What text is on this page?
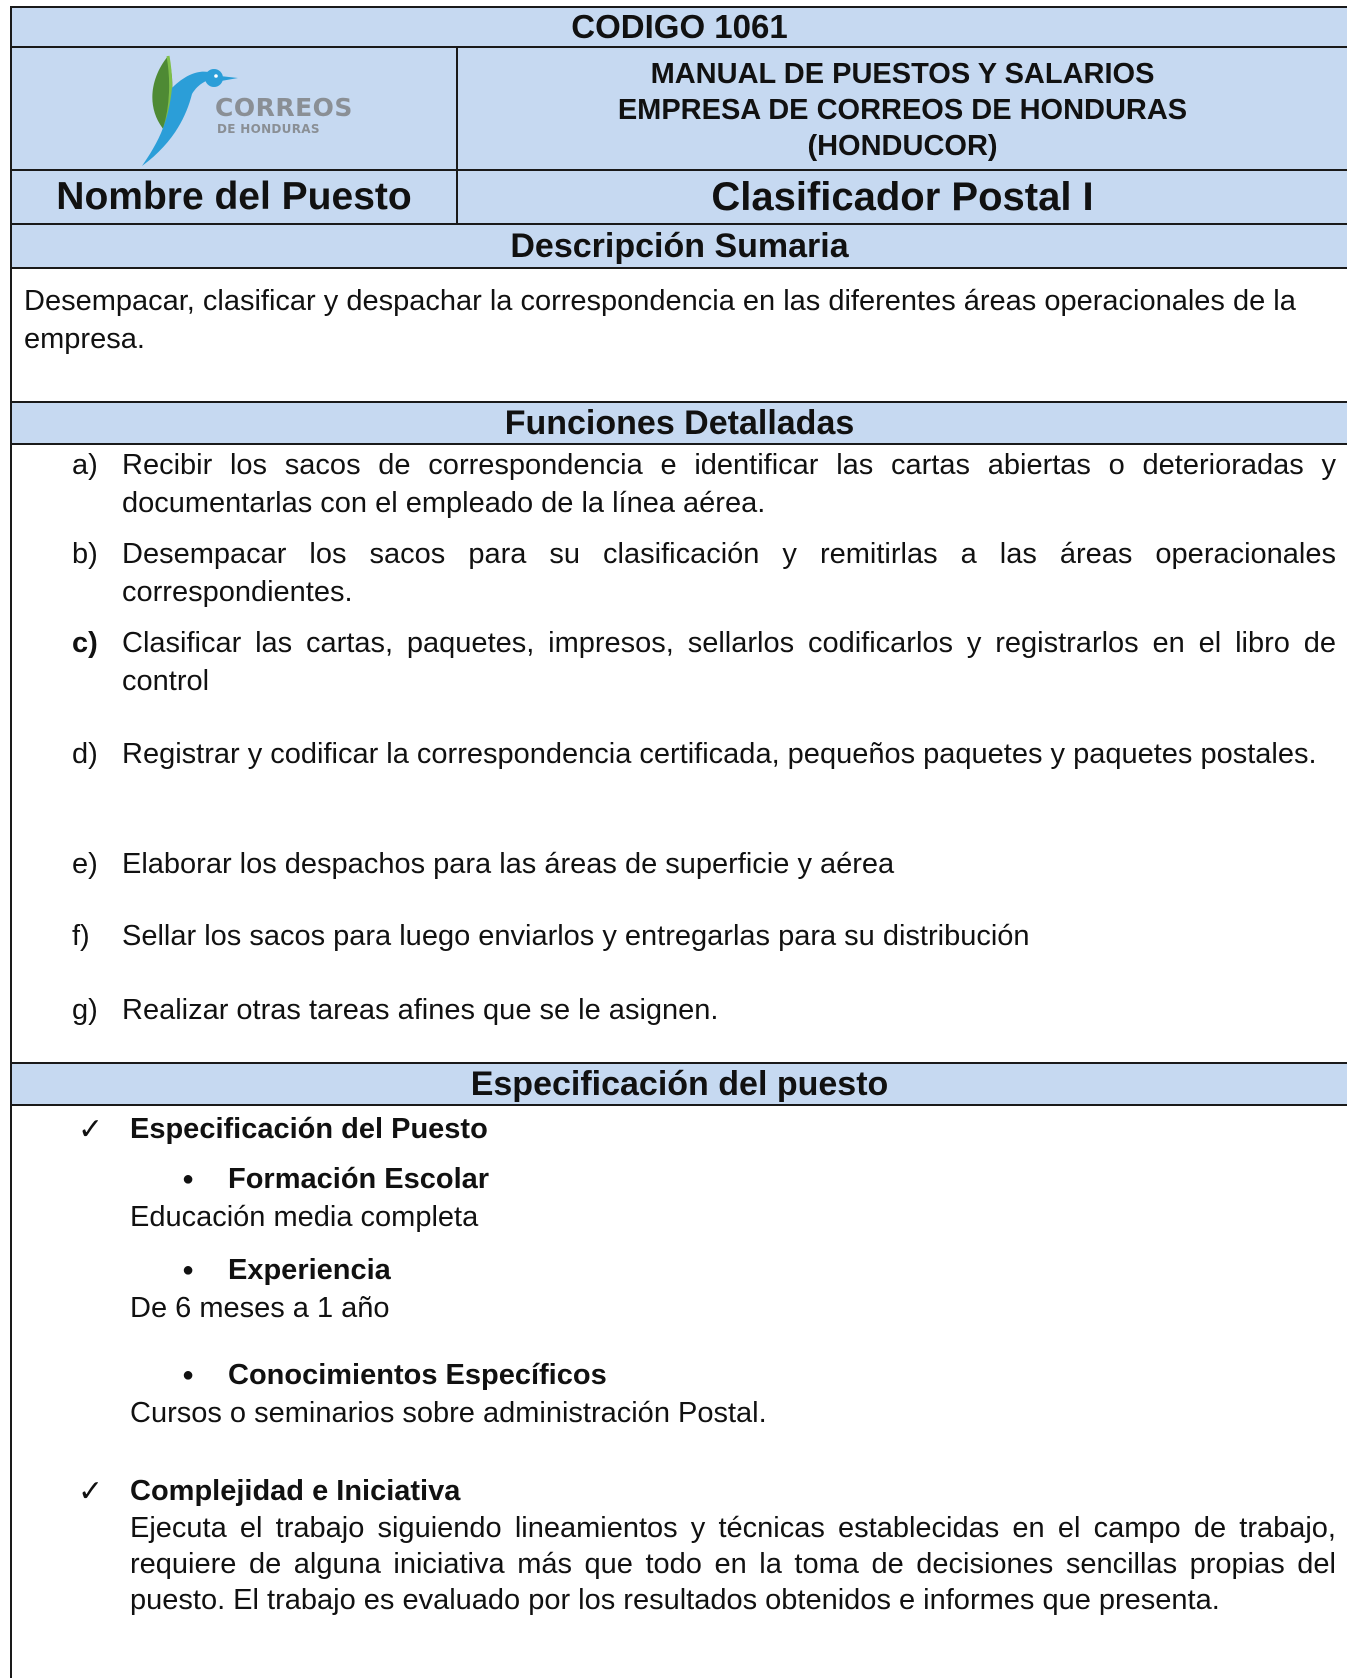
CODIGO 1061
CORREOS
DE HONDURAS
MANUAL DE PUESTOS Y SALARIOS
EMPRESA DE CORREOS DE HONDURAS
(HONDUCOR)
Nombre del Puesto	Clasificador Postal I
Descripción Sumaria
Desempacar, clasificar y despachar la correspondencia en las diferentes áreas operacionales de la empresa.
Funciones Detalladas
a) Recibir los sacos de correspondencia e identificar las cartas abiertas o deterioradas y documentarlas con el empleado de la línea aérea.
b) Desempacar los sacos para su clasificación y remitirlas a las áreas operacionales correspondientes.
c) Clasificar las cartas, paquetes, impresos, sellarlos codificarlos y registrarlos en el libro de control
d) Registrar y codificar la correspondencia certificada, pequeños paquetes y paquetes postales.
e) Elaborar los despachos para las áreas de superficie y aérea
f)	Sellar los sacos para luego enviarlos y entregarlas para su distribución
g) Realizar otras tareas afines que se le asignen.
Especificación del puesto
✓ Especificación del Puesto
●	Formación Escolar
Educación media completa
●	Experiencia
De 6 meses a 1 año
●	Conocimientos Específicos
Cursos o seminarios sobre administración Postal.
✓ Complejidad e Iniciativa
Ejecuta el trabajo siguiendo lineamientos y técnicas establecidas en el campo de trabajo, requiere de alguna iniciativa más que todo en la toma de decisiones sencillas propias del puesto. El trabajo es evaluado por los resultados obtenidos e informes que presenta.
